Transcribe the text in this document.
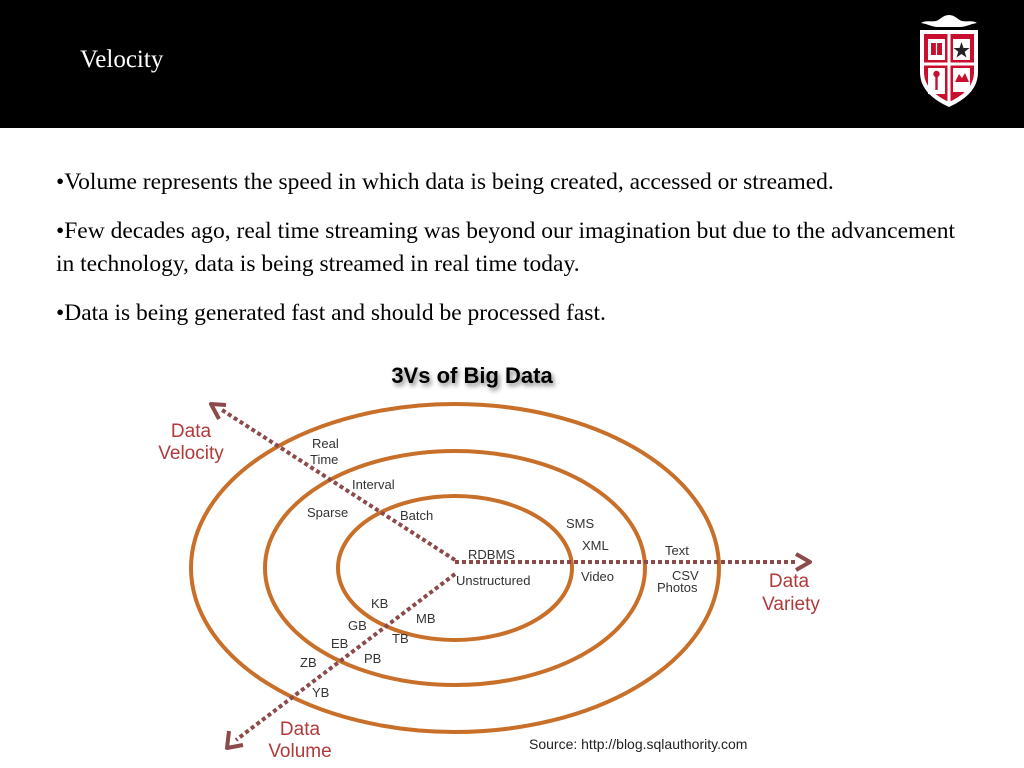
Velocity

•Volume represents the speed in which data is being created, accessed or streamed.

•Few decades ago, real time streaming was beyond our imagination but due to the advancement in technology, data is being streamed in real time today.

•Data is being generated fast and should be processed fast.

3Vs of Big Data
Data
Velocity
Data
Variety
Data
Volume
Real
Time
Interval
Sparse	Batch
RDBMS
Unstructured
SMS
XML
Video
Text
CSV
Photos
KB
MB
GB
TB
EB
PB
ZB
YB
Source: http://blog.sqlauthority.com
